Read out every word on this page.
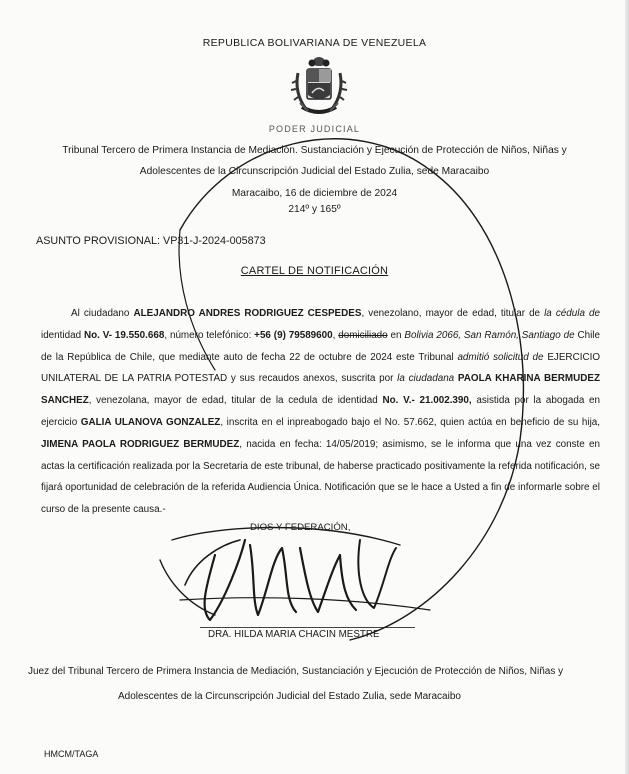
REPUBLICA BOLIVARIANA DE VENEZUELA
PODER JUDICIAL
Tribunal Tercero de Primera Instancia de Mediación. Sustanciación y Ejecución de Protección de Niños, Niñas y
Adolescentes de la Circunscripción Judicial del Estado Zulia, sede Maracaibo
Maracaibo, 16 de diciembre de 2024
214º y 165º
ASUNTO PROVISIONAL: VP31-J-2024-005873
CARTEL DE NOTIFICACIÓN
Al ciudadano ALEJANDRO ANDRES RODRIGUEZ CESPEDES, venezolano, mayor de edad, titular de la cédula de identidad No. V- 19.550.668, número telefónico: +56 (9) 79589600, domiciliado en Bolivia 2066, San Ramón, Santiago de Chile de la República de Chile, que mediante auto de fecha 22 de octubre de 2024 este Tribunal admitió solicitud de EJERCICIO UNILATERAL DE LA PATRIA POTESTAD y sus recaudos anexos, suscrita por la ciudadana PAOLA KHARINA BERMUDEZ SANCHEZ, venezolana, mayor de edad, titular de la cedula de identidad No. V.- 21.002.390, asistida por la abogada en ejercicio GALIA ULANOVA GONZALEZ, inscrita en el inpreabogado bajo el No. 57.662, quien actúa en beneficio de su hija, JIMENA PAOLA RODRIGUEZ BERMUDEZ, nacida en fecha: 14/05/2019; asimismo, se le informa que una vez conste en actas la certificación realizada por la Secretaria de este tribunal, de haberse practicado positivamente la referida notificación, se fijará oportunidad de celebración de la referida Audiencia Única. Notificación que se le hace a Usted a fin de informarle sobre el curso de la presente causa.-
DIOS Y FEDERACIÓN,
DRA. HILDA MARIA CHACIN MESTRE
Juez del Tribunal Tercero de Primera Instancia de Mediación, Sustanciación y Ejecución de Protección de Niños, Niñas y
Adolescentes de la Circunscripción Judicial del Estado Zulia, sede Maracaibo
HMCM/TAGA
